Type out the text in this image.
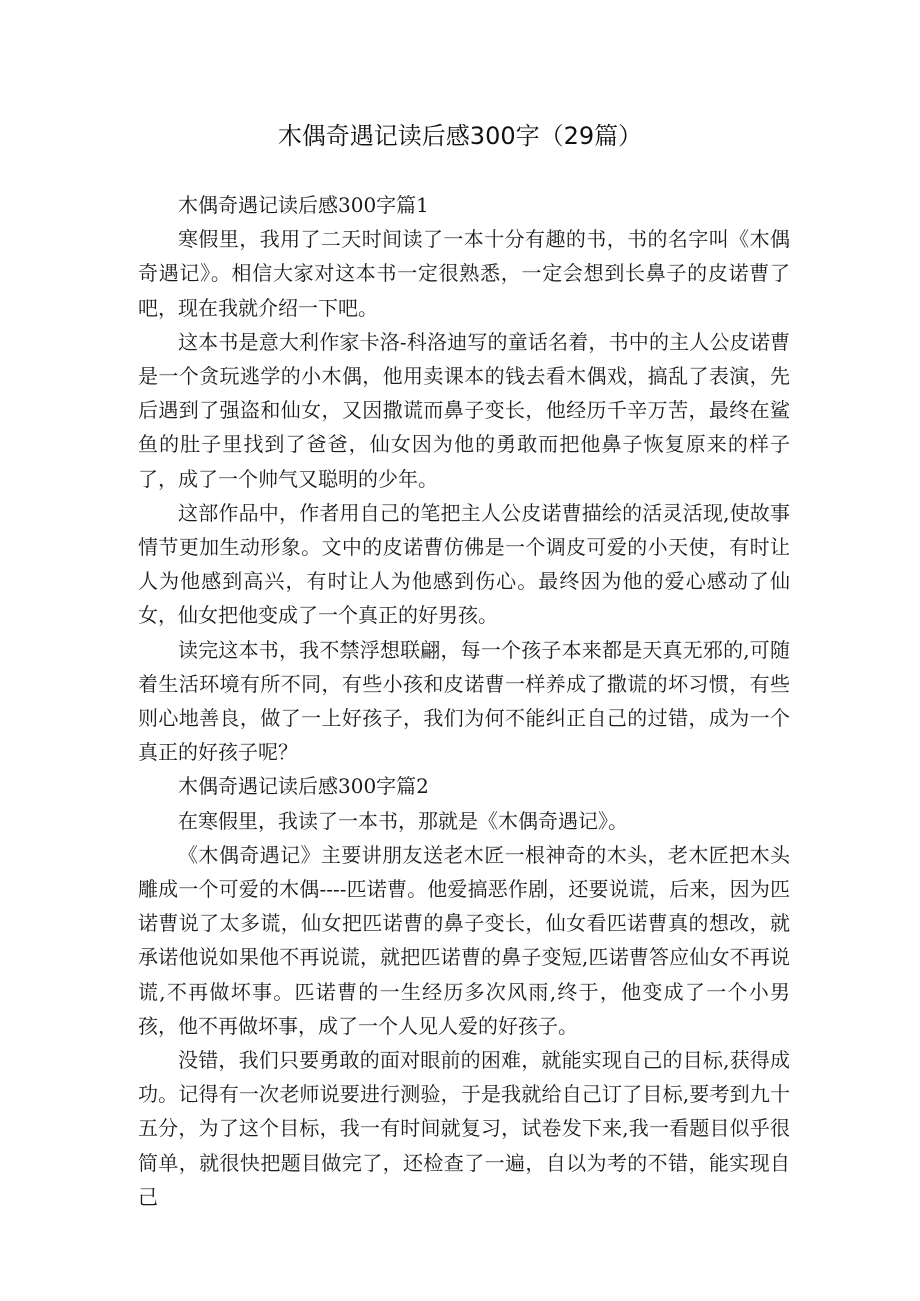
木偶奇遇记读后感300字（29篇）

木偶奇遇记读后感300字篇1

寒假里，我用了二天时间读了一本十分有趣的书，书的名字叫《木偶奇遇记》。相信大家对这本书一定很熟悉，一定会想到长鼻子的皮诺曹了吧，现在我就介绍一下吧。

这本书是意大利作家卡洛-科洛迪写的童话名着，书中的主人公皮诺曹是一个贪玩逃学的小木偶，他用卖课本的钱去看木偶戏，搞乱了表演，先后遇到了强盗和仙女，又因撒谎而鼻子变长，他经历千辛万苦，最终在鲨鱼的肚子里找到了爸爸，仙女因为他的勇敢而把他鼻子恢复原来的样子了，成了一个帅气又聪明的少年。

这部作品中，作者用自己的笔把主人公皮诺曹描绘的活灵活现,使故事情节更加生动形象。文中的皮诺曹仿佛是一个调皮可爱的小天使，有时让人为他感到高兴，有时让人为他感到伤心。最终因为他的爱心感动了仙女，仙女把他变成了一个真正的好男孩。

读完这本书，我不禁浮想联翩，每一个孩子本来都是天真无邪的,可随着生活环境有所不同，有些小孩和皮诺曹一样养成了撒谎的坏习惯，有些则心地善良，做了一上好孩子，我们为何不能纠正自己的过错，成为一个真正的好孩子呢？

木偶奇遇记读后感300字篇2

在寒假里，我读了一本书，那就是《木偶奇遇记》。

《木偶奇遇记》主要讲朋友送老木匠一根神奇的木头，老木匠把木头雕成一个可爱的木偶----匹诺曹。他爱搞恶作剧，还要说谎，后来，因为匹诺曹说了太多谎，仙女把匹诺曹的鼻子变长，仙女看匹诺曹真的想改，就承诺他说如果他不再说谎，就把匹诺曹的鼻子变短,匹诺曹答应仙女不再说谎,不再做坏事。匹诺曹的一生经历多次风雨,终于，他变成了一个小男孩，他不再做坏事，成了一个人见人爱的好孩子。

没错，我们只要勇敢的面对眼前的困难，就能实现自己的目标,获得成功。记得有一次老师说要进行测验，于是我就给自己订了目标,要考到九十五分，为了这个目标，我一有时间就复习，试卷发下来,我一看题目似乎很简单，就很快把题目做完了，还检查了一遍，自以为考的不错，能实现自己
